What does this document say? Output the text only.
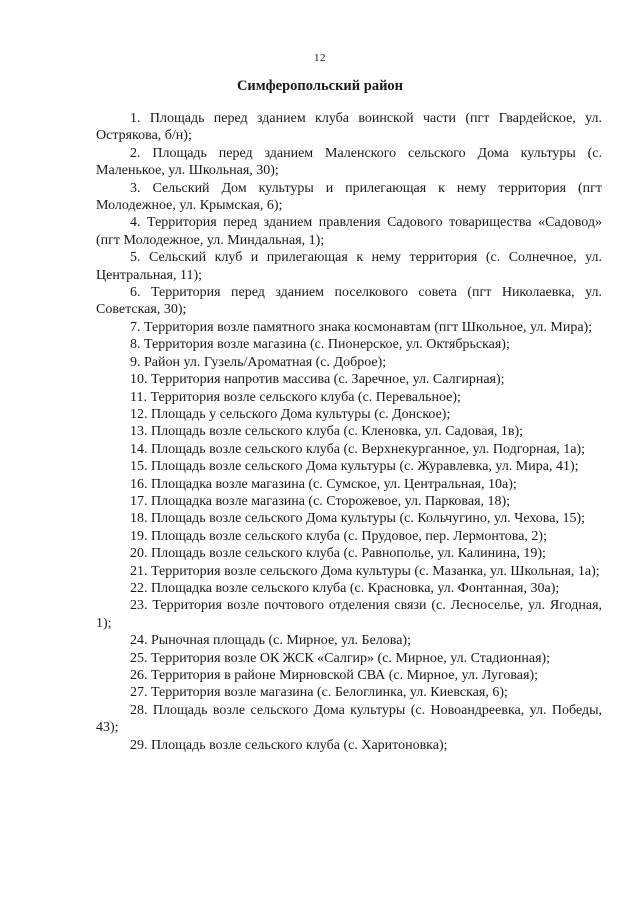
12
Симферопольский район
1. Площадь перед зданием клуба воинской части (пгт Гвардейское, ул. Острякова, б/н);
2. Площадь перед зданием Маленского сельского Дома культуры (с. Маленькое, ул. Школьная, 30);
3. Сельский Дом культуры и прилегающая к нему территория (пгт Молодежное, ул. Крымская, 6);
4. Территория перед зданием правления Садового товарищества «Садовод» (пгт Молодежное, ул. Миндальная, 1);
5. Сельский клуб и прилегающая к нему территория (с. Солнечное, ул. Центральная, 11);
6. Территория перед зданием поселкового совета (пгт Николаевка, ул. Советская, 30);
7. Территория возле памятного знака космонавтам (пгт Школьное, ул. Мира);
8. Территория возле магазина (с. Пионерское, ул. Октябрьская);
9. Район ул. Гузель/Ароматная (с. Доброе);
10. Территория напротив массива (с. Заречное, ул. Салгирная);
11. Территория возле сельского клуба (с. Перевальное);
12. Площадь у сельского Дома культуры (с. Донское);
13. Площадь возле сельского клуба (с. Кленовка, ул. Садовая, 1в);
14. Площадь возле сельского клуба (с. Верхнекурганное, ул. Подгорная, 1а);
15. Площадь возле сельского Дома культуры (с. Журавлевка, ул. Мира, 41);
16. Площадка возле магазина (с. Сумское, ул. Центральная, 10а);
17. Площадка возле магазина (с. Сторожевое, ул. Парковая, 18);
18. Площадь возле сельского Дома культуры (с. Кольчугино, ул. Чехова, 15);
19. Площадь возле сельского клуба (с. Прудовое, пер. Лермонтова, 2);
20. Площадь возле сельского клуба (с. Равнополье, ул. Калинина, 19);
21. Территория возле сельского Дома культуры (с. Мазанка, ул. Школьная, 1а);
22. Площадка возле сельского клуба (с. Красновка, ул. Фонтанная, 30а);
23. Территория возле почтового отделения связи (с. Лесноселье, ул. Ягодная, 1);
24. Рыночная площадь (с. Мирное, ул. Белова);
25. Территория возле ОК ЖСК «Салгир» (с. Мирное, ул. Стадионная);
26. Территория в районе Мирновской СВА (с. Мирное, ул. Луговая);
27. Территория возле магазина (с. Белоглинка, ул. Киевская, 6);
28. Площадь возле сельского Дома культуры (с. Новоандреевка, ул. Победы, 43);
29. Площадь возле сельского клуба (с. Харитоновка);
